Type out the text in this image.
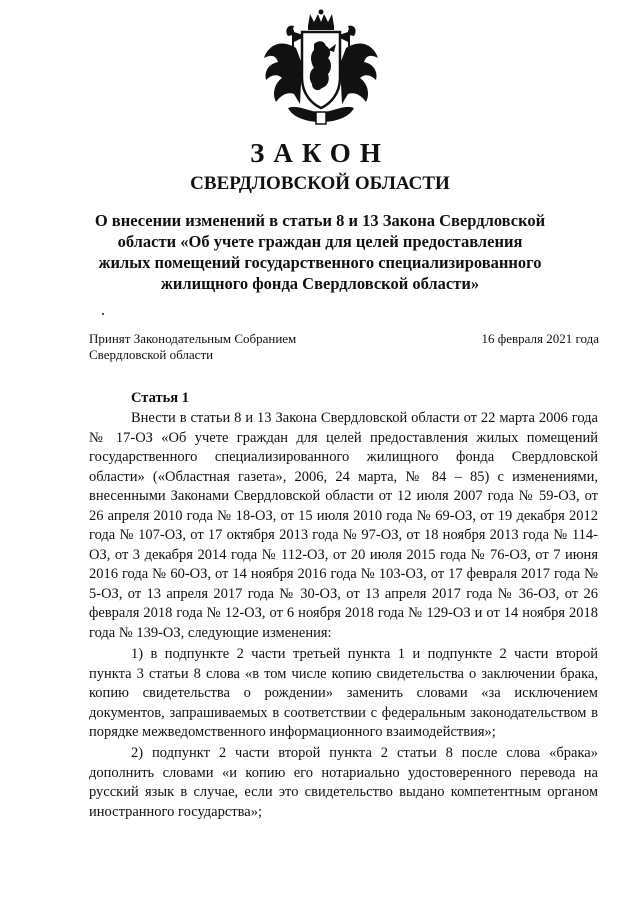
ЗАКОН
СВЕРДЛОВСКОЙ ОБЛАСТИ

О внесении изменений в статьи 8 и 13 Закона Свердловской области «Об учете граждан для целей предоставления жилых помещений государственного специализированного жилищного фонда Свердловской области»

Принят Законодательным Собранием Свердловской области

16 февраля 2021 года

Статья 1

Внести в статьи 8 и 13 Закона Свердловской области от 22 марта 2006 года № 17-ОЗ «Об учете граждан для целей предоставления жилых помещений государственного специализированного жилищного фонда Свердловской области» («Областная газета», 2006, 24 марта, № 84 – 85) с изменениями, внесенными Законами Свердловской области от 12 июля 2007 года № 59-ОЗ, от 26 апреля 2010 года № 18-ОЗ, от 15 июля 2010 года № 69-ОЗ, от 19 декабря 2012 года № 107-ОЗ, от 17 октября 2013 года № 97-ОЗ, от 18 ноября 2013 года № 114-ОЗ, от 3 декабря 2014 года № 112-ОЗ, от 20 июля 2015 года № 76-ОЗ, от 7 июня 2016 года № 60-ОЗ, от 14 ноября 2016 года № 103-ОЗ, от 17 февраля 2017 года № 5-ОЗ, от 13 апреля 2017 года № 30-ОЗ, от 13 апреля 2017 года № 36-ОЗ, от 26 февраля 2018 года № 12-ОЗ, от 6 ноября 2018 года № 129-ОЗ и от 14 ноября 2018 года № 139-ОЗ, следующие изменения:

1) в подпункте 2 части третьей пункта 1 и подпункте 2 части второй пункта 3 статьи 8 слова «в том числе копию свидетельства о заключении брака, копию свидетельства о рождении» заменить словами «за исключением документов, запрашиваемых в соответствии с федеральным законодательством в порядке межведомственного информационного взаимодействия»;

2) подпункт 2 части второй пункта 2 статьи 8 после слова «брака» дополнить словами «и копию его нотариально удостоверенного перевода на русский язык в случае, если это свидетельство выдано компетентным органом иностранного государства»;
